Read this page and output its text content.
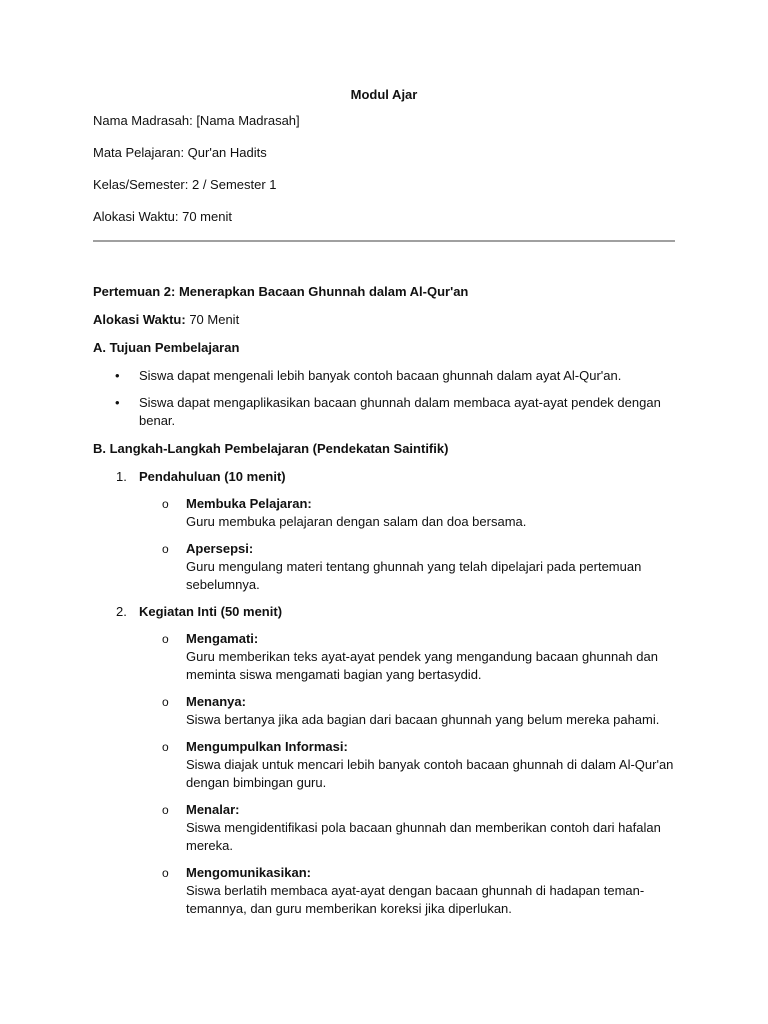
Modul Ajar
Nama Madrasah: [Nama Madrasah]
Mata Pelajaran: Qur'an Hadits
Kelas/Semester: 2 / Semester 1
Alokasi Waktu: 70 menit
Pertemuan 2: Menerapkan Bacaan Ghunnah dalam Al-Qur'an
Alokasi Waktu: 70 Menit
A. Tujuan Pembelajaran
• Siswa dapat mengenali lebih banyak contoh bacaan ghunnah dalam ayat Al-Qur'an.
• Siswa dapat mengaplikasikan bacaan ghunnah dalam membaca ayat-ayat pendek dengan benar.
B. Langkah-Langkah Pembelajaran (Pendekatan Saintifik)
1. Pendahuluan (10 menit)
o Membuka Pelajaran:
Guru membuka pelajaran dengan salam dan doa bersama.
o Apersepsi:
Guru mengulang materi tentang ghunnah yang telah dipelajari pada pertemuan sebelumnya.
2. Kegiatan Inti (50 menit)
o Mengamati:
Guru memberikan teks ayat-ayat pendek yang mengandung bacaan ghunnah dan meminta siswa mengamati bagian yang bertasydid.
o Menanya:
Siswa bertanya jika ada bagian dari bacaan ghunnah yang belum mereka pahami.
o Mengumpulkan Informasi:
Siswa diajak untuk mencari lebih banyak contoh bacaan ghunnah di dalam Al-Qur'an dengan bimbingan guru.
o Menalar:
Siswa mengidentifikasi pola bacaan ghunnah dan memberikan contoh dari hafalan mereka.
o Mengomunikasikan:
Siswa berlatih membaca ayat-ayat dengan bacaan ghunnah di hadapan teman-temannya, dan guru memberikan koreksi jika diperlukan.
